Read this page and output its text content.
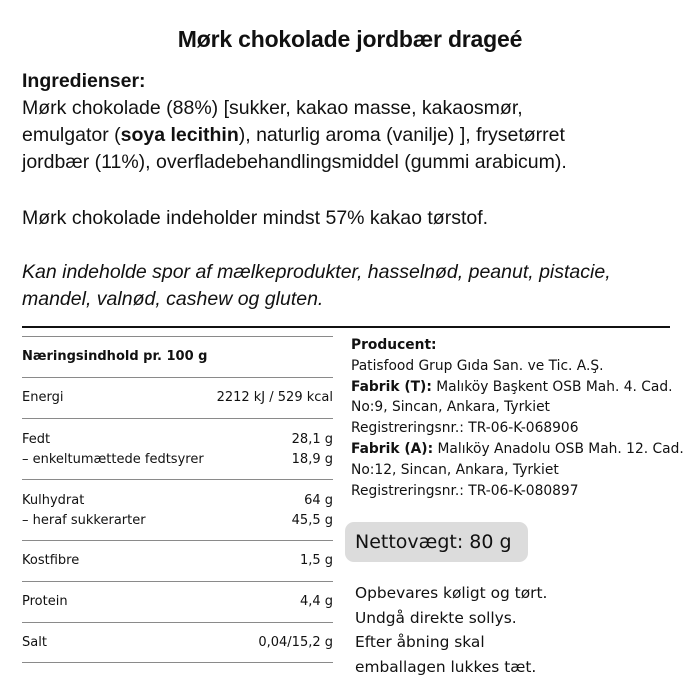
Mørk chokolade jordbær drageé
Ingredienser:
Mørk chokolade (88%) [sukker, kakao masse, kakaosmør,
emulgator (soya lecithin), naturlig aroma (vanilje) ], frysetørret
jordbær (11%), overfladebehandlingsmiddel (gummi arabicum).
Mørk chokolade indeholder mindst 57% kakao tørstof.
Kan indeholde spor af mælkeprodukter, hasselnød, peanut, pistacie,
mandel, valnød, cashew og gluten.
Næringsindhold pr. 100 g
Energi	2212 kJ / 529 kcal
Fedt	28,1 g
– enkeltumættede fedtsyrer	18,9 g
Kulhydrat	64 g
– heraf sukkerarter	45,5 g
Kostfibre	1,5 g
Protein	4,4 g
Salt	0,04/15,2 g
Producent:
Patisfood Grup Gıda San. ve Tic. A.Ş.
Fabrik (T): Malıköy Başkent OSB Mah. 4. Cad.
No:9, Sincan, Ankara, Tyrkiet
Registreringsnr.: TR-06-K-068906
Fabrik (A): Malıköy Anadolu OSB Mah. 12. Cad.
No:12, Sincan, Ankara, Tyrkiet
Registreringsnr.: TR-06-K-080897
Nettovægt: 80 g
Opbevares køligt og tørt.
Undgå direkte sollys.
Efter åbning skal
emballagen lukkes tæt.
